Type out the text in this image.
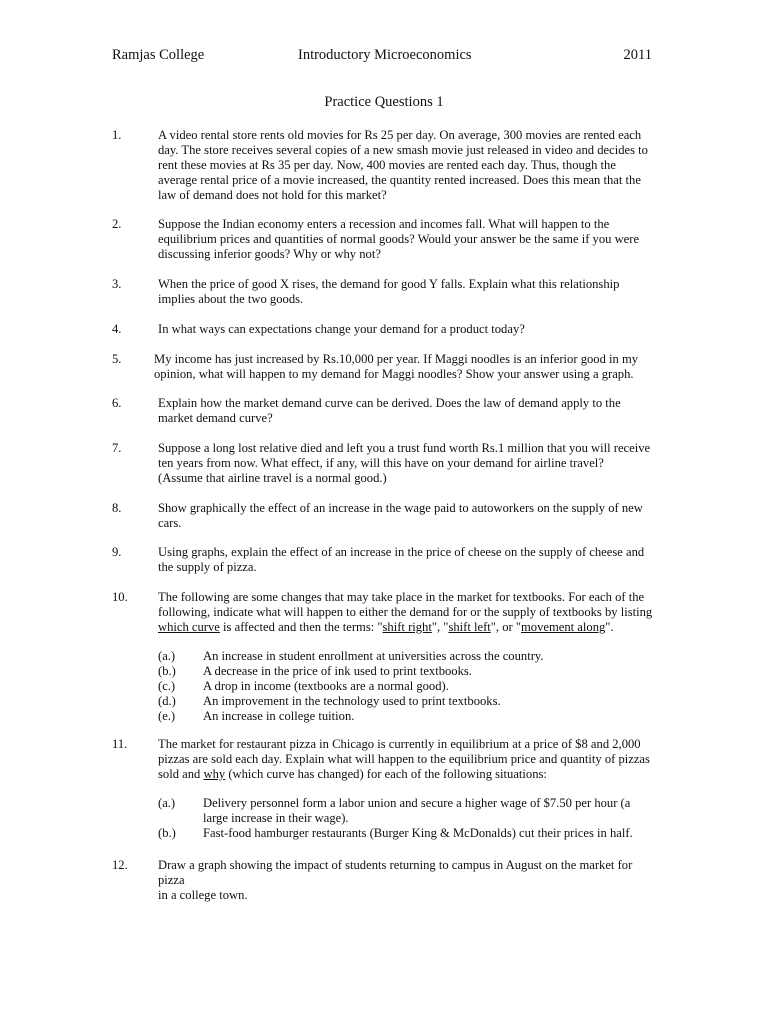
Ramjas College	Introductory Microeconomics	2011
Practice Questions 1
1.	A video rental store rents old movies for Rs 25 per day. On average, 300 movies are rented each
day. The store receives several copies of a new smash movie just released in video and decides to
rent these movies at Rs 35 per day. Now, 400 movies are rented each day. Thus, though the
average rental price of a movie increased, the quantity rented increased. Does this mean that the
law of demand does not hold for this market?
2.	Suppose the Indian economy enters a recession and incomes fall. What will happen to the
equilibrium prices and quantities of normal goods? Would your answer be the same if you were
discussing inferior goods? Why or why not?
3.	When the price of good X rises, the demand for good Y falls. Explain what this relationship
implies about the two goods.
4.	In what ways can expectations change your demand for a product today?
5.	My income has just increased by Rs.10,000 per year. If Maggi noodles is an inferior good in my
opinion, what will happen to my demand for Maggi noodles? Show your answer using a graph.
6.	Explain how the market demand curve can be derived. Does the law of demand apply to the
market demand curve?
7.	Suppose a long lost relative died and left you a trust fund worth Rs.1 million that you will receive
ten years from now. What effect, if any, will this have on your demand for airline travel?
(Assume that airline travel is a normal good.)
8.	Show graphically the effect of an increase in the wage paid to autoworkers on the supply of new
cars.
9.	Using graphs, explain the effect of an increase in the price of cheese on the supply of cheese and
the supply of pizza.
10. The following are some changes that may take place in the market for textbooks. For each of the
following, indicate what will happen to either the demand for or the supply of textbooks by listing
which curve is affected and then the terms: "shift right", "shift left", or "movement along".
(a.) An increase in student enrollment at universities across the country.
(b.) A decrease in the price of ink used to print textbooks.
(c.) A drop in income (textbooks are a normal good).
(d.) An improvement in the technology used to print textbooks.
(e.) An increase in college tuition.
11. The market for restaurant pizza in Chicago is currently in equilibrium at a price of $8 and 2,000
pizzas are sold each day. Explain what will happen to the equilibrium price and quantity of pizzas
sold and why (which curve has changed) for each of the following situations:
(a.) Delivery personnel form a labor union and secure a higher wage of $7.50 per hour (a
large increase in their wage).
(b.) Fast-food hamburger restaurants (Burger King & McDonalds) cut their prices in half.
12. Draw a graph showing the impact of students returning to campus in August on the market for pizza
in a college town.
